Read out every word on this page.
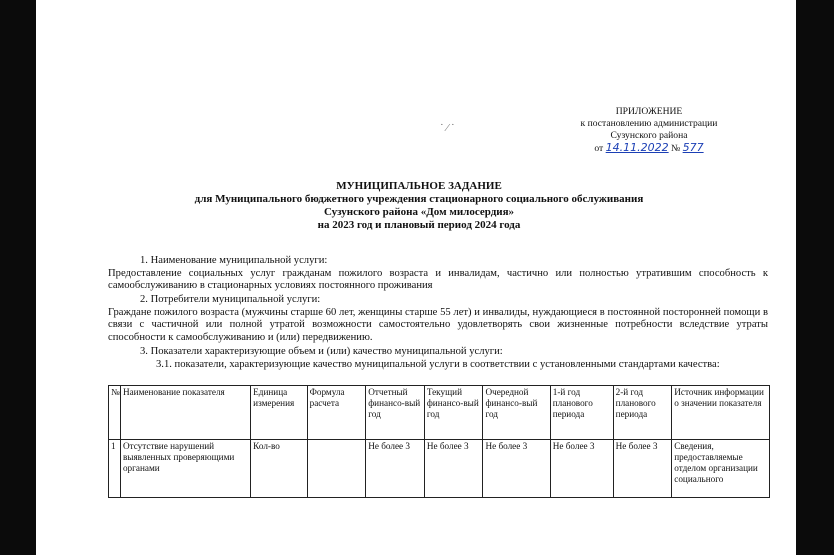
˙ ⁄ ˙
ПРИЛОЖЕНИЕ
к постановлению администрации
Сузунского района
от 14.11.2022 № 577
МУНИЦИПАЛЬНОЕ ЗАДАНИЕ
для Муниципального бюджетного учреждения стационарного социального обслуживания
Сузунского района «Дом милосердия»
на 2023 год и плановый период 2024 года
1. Наименование муниципальной услуги:
Предоставление социальных услуг гражданам пожилого возраста и инвалидам, частично или полностью утратившим способность к самообслуживанию в стационарных условиях постоянного проживания
2. Потребители муниципальной услуги:
Граждане пожилого возраста (мужчины старше 60 лет, женщины старше 55 лет) и инвалиды, нуждающиеся в постоянной посторонней помощи в связи с частичной или полной утратой возможности самостоятельно удовлетворять свои жизненные потребности вследствие утраты способности к самообслуживанию и (или) передвижению.
3. Показатели характеризующие объем и (или) качество муниципальной услуги:
3.1. показатели, характеризующие качество муниципальной услуги в соответствии с установленными стандартами качества:
№	Наименование показателя	Единица измерения	Формула расчета	Отчетный финансо-вый год	Текущий финансо-вый год	Очередной финансо-вый год	1-й год планового периода	2-й год планового периода	Источник информации о значении показателя
1	Отсутствие нарушений выявленных проверяющими органами	Кол-во		Не более 3	Не более 3	Не более 3	Не более 3	Не более 3	Сведения, предоставляемые отделом организации социального
